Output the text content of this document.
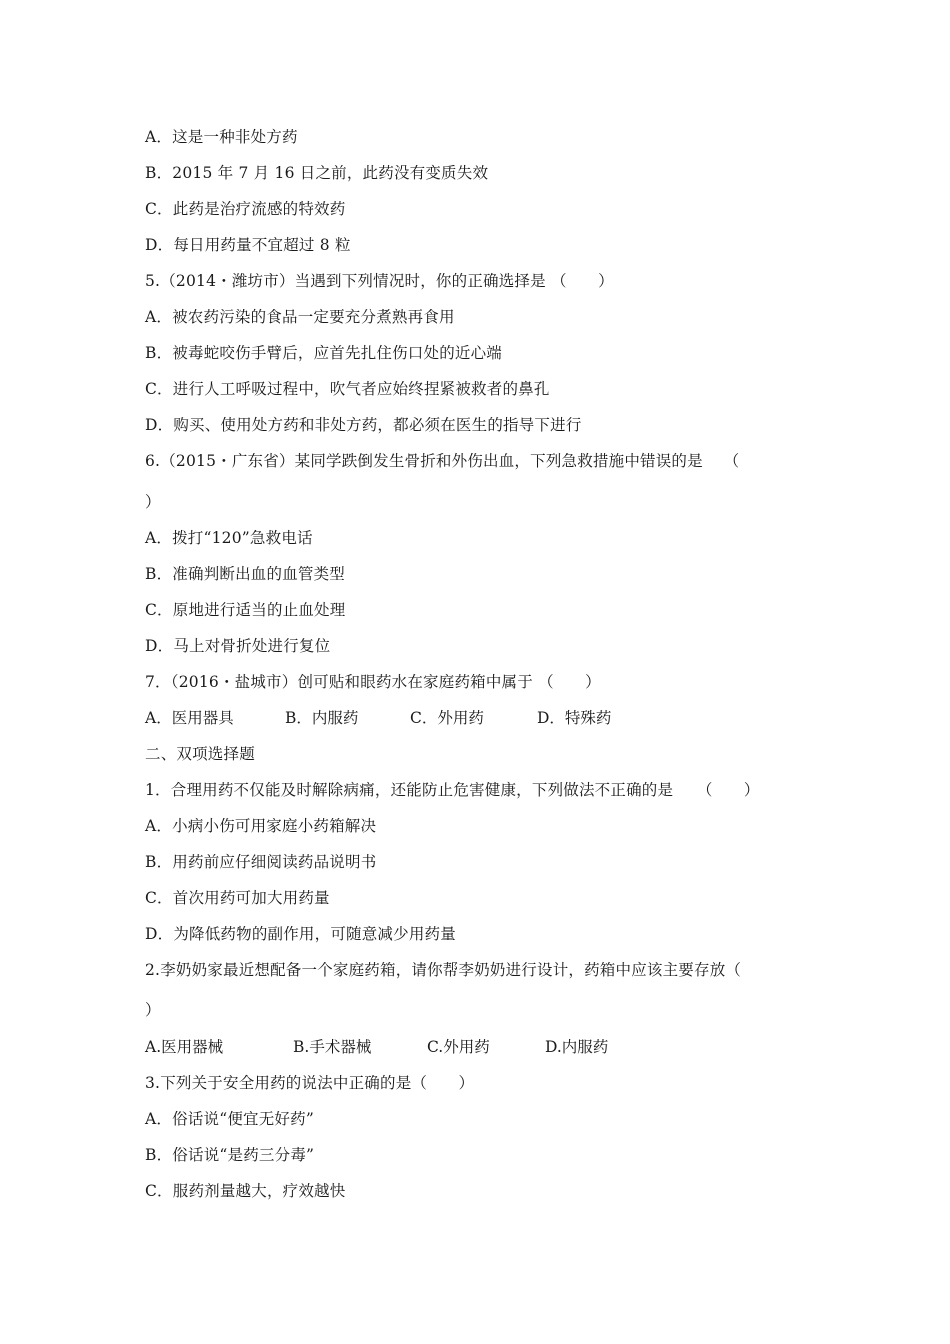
A．这是一种非处方药
B．2015 年 7 月 16 日之前，此药没有变质失效
C．此药是治疗流感的特效药
D．每日用药量不宜超过 8 粒
5.（2014・潍坊市）当遇到下列情况时，你的正确选择是 （　　）
A．被农药污染的食品一定要充分煮熟再食用
B．被毒蛇咬伤手臂后，应首先扎住伤口处的近心端
C．进行人工呼吸过程中，吹气者应始终捏紧被救者的鼻孔
D．购买、使用处方药和非处方药，都必须在医生的指导下进行
6.（2015・广东省）某同学跌倒发生骨折和外伤出血，下列急救措施中错误的是　 （
）
A．拨打“120”急救电话
B．准确判断出血的血管类型
C．原地进行适当的止血处理
D．马上对骨折处进行复位
7．（2016・盐城市）创可贴和眼药水在家庭药箱中属于 （　　）

A．医用器具

	B．内服药

	C．外用药

	D．特殊药

二、双项选择题
1．合理用药不仅能及时解除病痛，还能防止危害健康，下列做法不正确的是　　（　　）
A．小病小伤可用家庭小药箱解决
B．用药前应仔细阅读药品说明书
C．首次用药可加大用药量
D．为降低药物的副作用，可随意减少用药量
2.李奶奶家最近想配备一个家庭药箱，请你帮李奶奶进行设计，药箱中应该主要存放（
）

A.医用器械

	B.手术器械

	C.外用药

	D.内服药

3.下列关于安全用药的说法中正确的是（　　）
A．俗话说“便宜无好药”
B．俗话说“是药三分毒”
C．服药剂量越大，疗效越快
